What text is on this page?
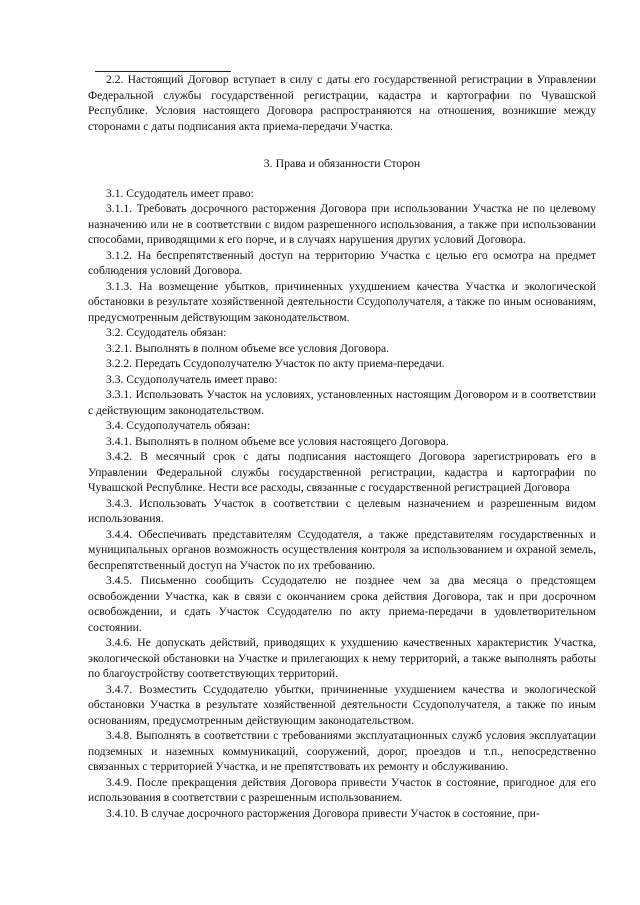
2.2. Настоящий Договор вступает в силу с даты его государственной регистрации в Управлении Федеральной службы государственной регистрации, кадастра и картографии по Чувашской Республике. Условия настоящего Договора распространяются на отношения, возникшие между сторонами с даты подписания акта приема-передачи Участка.

3. Права и обязанности Сторон

3.1. Ссудодатель имеет право:

3.1.1. Требовать досрочного расторжения Договора при использовании Участка не по целевому назначению или не в соответствии с видом разрешенного использования, а также при использовании способами, приводящими к его порче, и в случаях нарушения других условий Договора.

3.1.2. На беспрепятственный доступ на территорию Участка с целью его осмотра на предмет соблюдения условий Договора.

3.1.3. На возмещение убытков, причиненных ухудшением качества Участка и экологической обстановки в результате хозяйственной деятельности Ссудополучателя, а также по иным основаниям, предусмотренным действующим законодательством.

3.2. Ссудодатель обязан:

3.2.1. Выполнять в полном объеме все условия Договора.

3.2.2. Передать Ссудополучателю Участок по акту приема-передачи.

3.3. Ссудополучатель имеет право:

3.3.1. Использовать Участок на условиях, установленных настоящим Договором и в соответствии с действующим законодательством.

3.4. Ссудополучатель обязан:

3.4.1. Выполнять в полном объеме все условия настоящего Договора.

3.4.2. В месячный срок с даты подписания настоящего Договора зарегистрировать его в Управлении Федеральной службы государственной регистрации, кадастра и картографии по Чувашской Республике. Нести все расходы, связанные с государственной регистрацией Договора

3.4.3. Использовать Участок в соответствии с целевым назначением и разрешенным видом использования.

3.4.4. Обеспечивать представителям Ссудодателя, а также представителям государственных и муниципальных органов возможность осуществления контроля за использованием и охраной земель, беспрепятственный доступ на Участок по их требованию.

3.4.5. Письменно сообщить Ссудодателю не позднее чем за два месяца о предстоящем освобождении Участка, как в связи с окончанием срока действия Договора, так и при досрочном освобождении, и сдать Участок Ссудодателю по акту приема-передачи в удовлетворительном состоянии.

3.4.6. Не допускать действий, приводящих к ухудшению качественных характеристик Участка, экологической обстановки на Участке и прилегающих к нему территорий, а также выполнять работы по благоустройству соответствующих территорий.

3.4.7. Возместить Ссудодателю убытки, причиненные ухудшением качества и экологической обстановки Участка в результате хозяйственной деятельности Ссудополучателя, а также по иным основаниям, предусмотренным действующим законодательством.

3.4.8. Выполнять в соответствии с требованиями эксплуатационных служб условия эксплуатации подземных и наземных коммуникаций, сооружений, дорог, проездов и т.п., непосредственно связанных с территорией Участка, и не препятствовать их ремонту и обслуживанию.

3.4.9. После прекращения действия Договора привести Участок в состояние, пригодное для его использования в соответствии с разрешенным использованием.

3.4.10. В случае досрочного расторжения Договора привести Участок в состояние, при-
